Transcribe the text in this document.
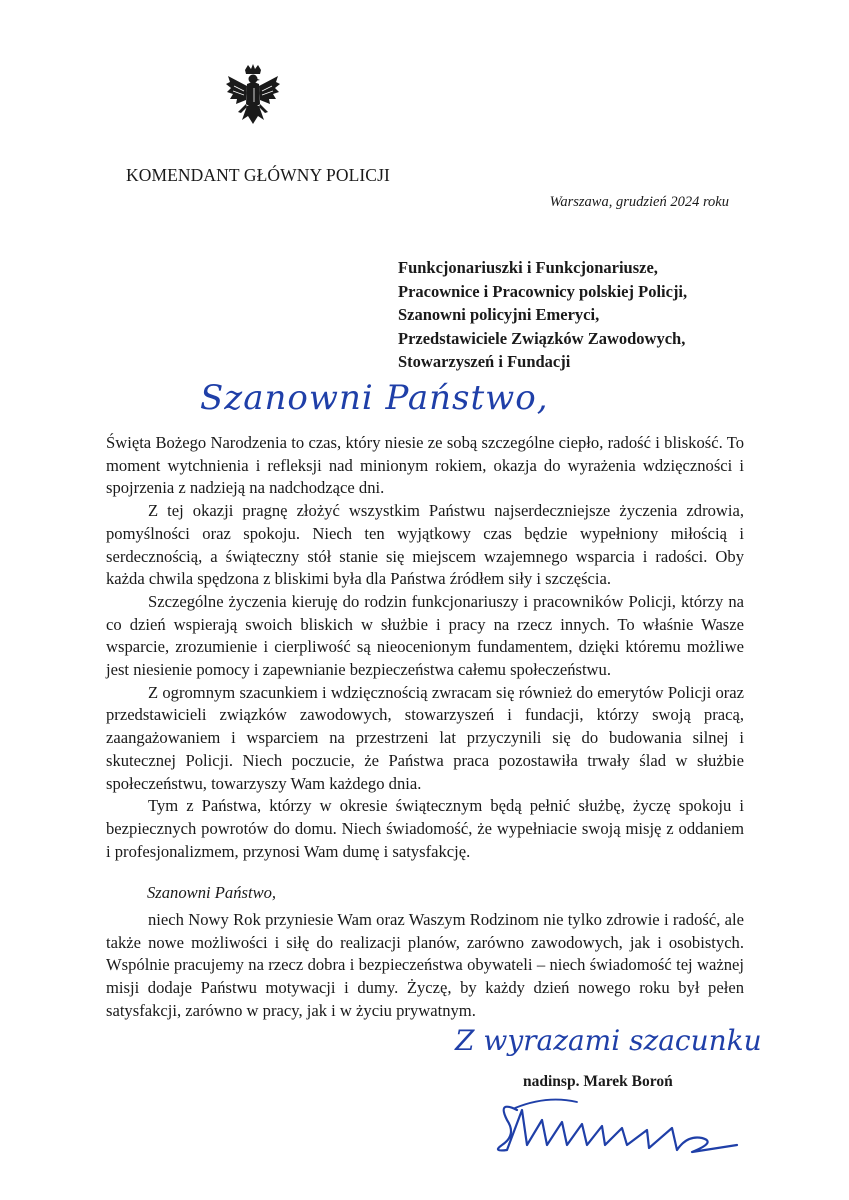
KOMENDANT GŁÓWNY POLICJI
Warszawa, grudzień 2024 roku
Funkcjonariuszki i Funkcjonariusze,
Pracownice i Pracownicy polskiej Policji,
Szanowni policyjni Emeryci,
Przedstawiciele Związków Zawodowych,
Stowarzyszeń i Fundacji
Szanowni Państwo,

Święta Bożego Narodzenia to czas, który niesie ze sobą szczególne ciepło, radość i bliskość. To moment wytchnienia i refleksji nad minionym rokiem, okazja do wyrażenia wdzięczności i spojrzenia z nadzieją na nadchodzące dni.

Z tej okazji pragnę złożyć wszystkim Państwu najserdeczniejsze życzenia zdrowia, pomyślności oraz spokoju. Niech ten wyjątkowy czas będzie wypełniony miłością i serdecznością, a świąteczny stół stanie się miejscem wzajemnego wsparcia i radości. Oby każda chwila spędzona z bliskimi była dla Państwa źródłem siły i szczęścia.

Szczególne życzenia kieruję do rodzin funkcjonariuszy i pracowników Policji, którzy na co dzień wspierają swoich bliskich w służbie i pracy na rzecz innych. To właśnie Wasze wsparcie, zrozumienie i cierpliwość są nieocenionym fundamentem, dzięki któremu możliwe jest niesienie pomocy i zapewnianie bezpieczeństwa całemu społeczeństwu.

Z ogromnym szacunkiem i wdzięcznością zwracam się również do emerytów Policji oraz przedstawicieli związków zawodowych, stowarzyszeń i fundacji, którzy swoją pracą, zaangażowaniem i wsparciem na przestrzeni lat przyczynili się do budowania silnej i skutecznej Policji. Niech poczucie, że Państwa praca pozostawiła trwały ślad w służbie społeczeństwu, towarzyszy Wam każdego dnia.

Tym z Państwa, którzy w okresie świątecznym będą pełnić służbę, życzę spokoju i bezpiecznych powrotów do domu. Niech świadomość, że wypełniacie swoją misję z oddaniem i profesjonalizmem, przynosi Wam dumę i satysfakcję.

Szanowni Państwo,

niech Nowy Rok przyniesie Wam oraz Waszym Rodzinom nie tylko zdrowie i radość, ale także nowe możliwości i siłę do realizacji planów, zarówno zawodowych, jak i osobistych. Wspólnie pracujemy na rzecz dobra i bezpieczeństwa obywateli – niech świadomość tej ważnej misji dodaje Państwu motywacji i dumy. Życzę, by każdy dzień nowego roku był pełen satysfakcji, zarówno w pracy, jak i w życiu prywatnym.

Z wyrazami szacunku
nadinsp. Marek Boroń
